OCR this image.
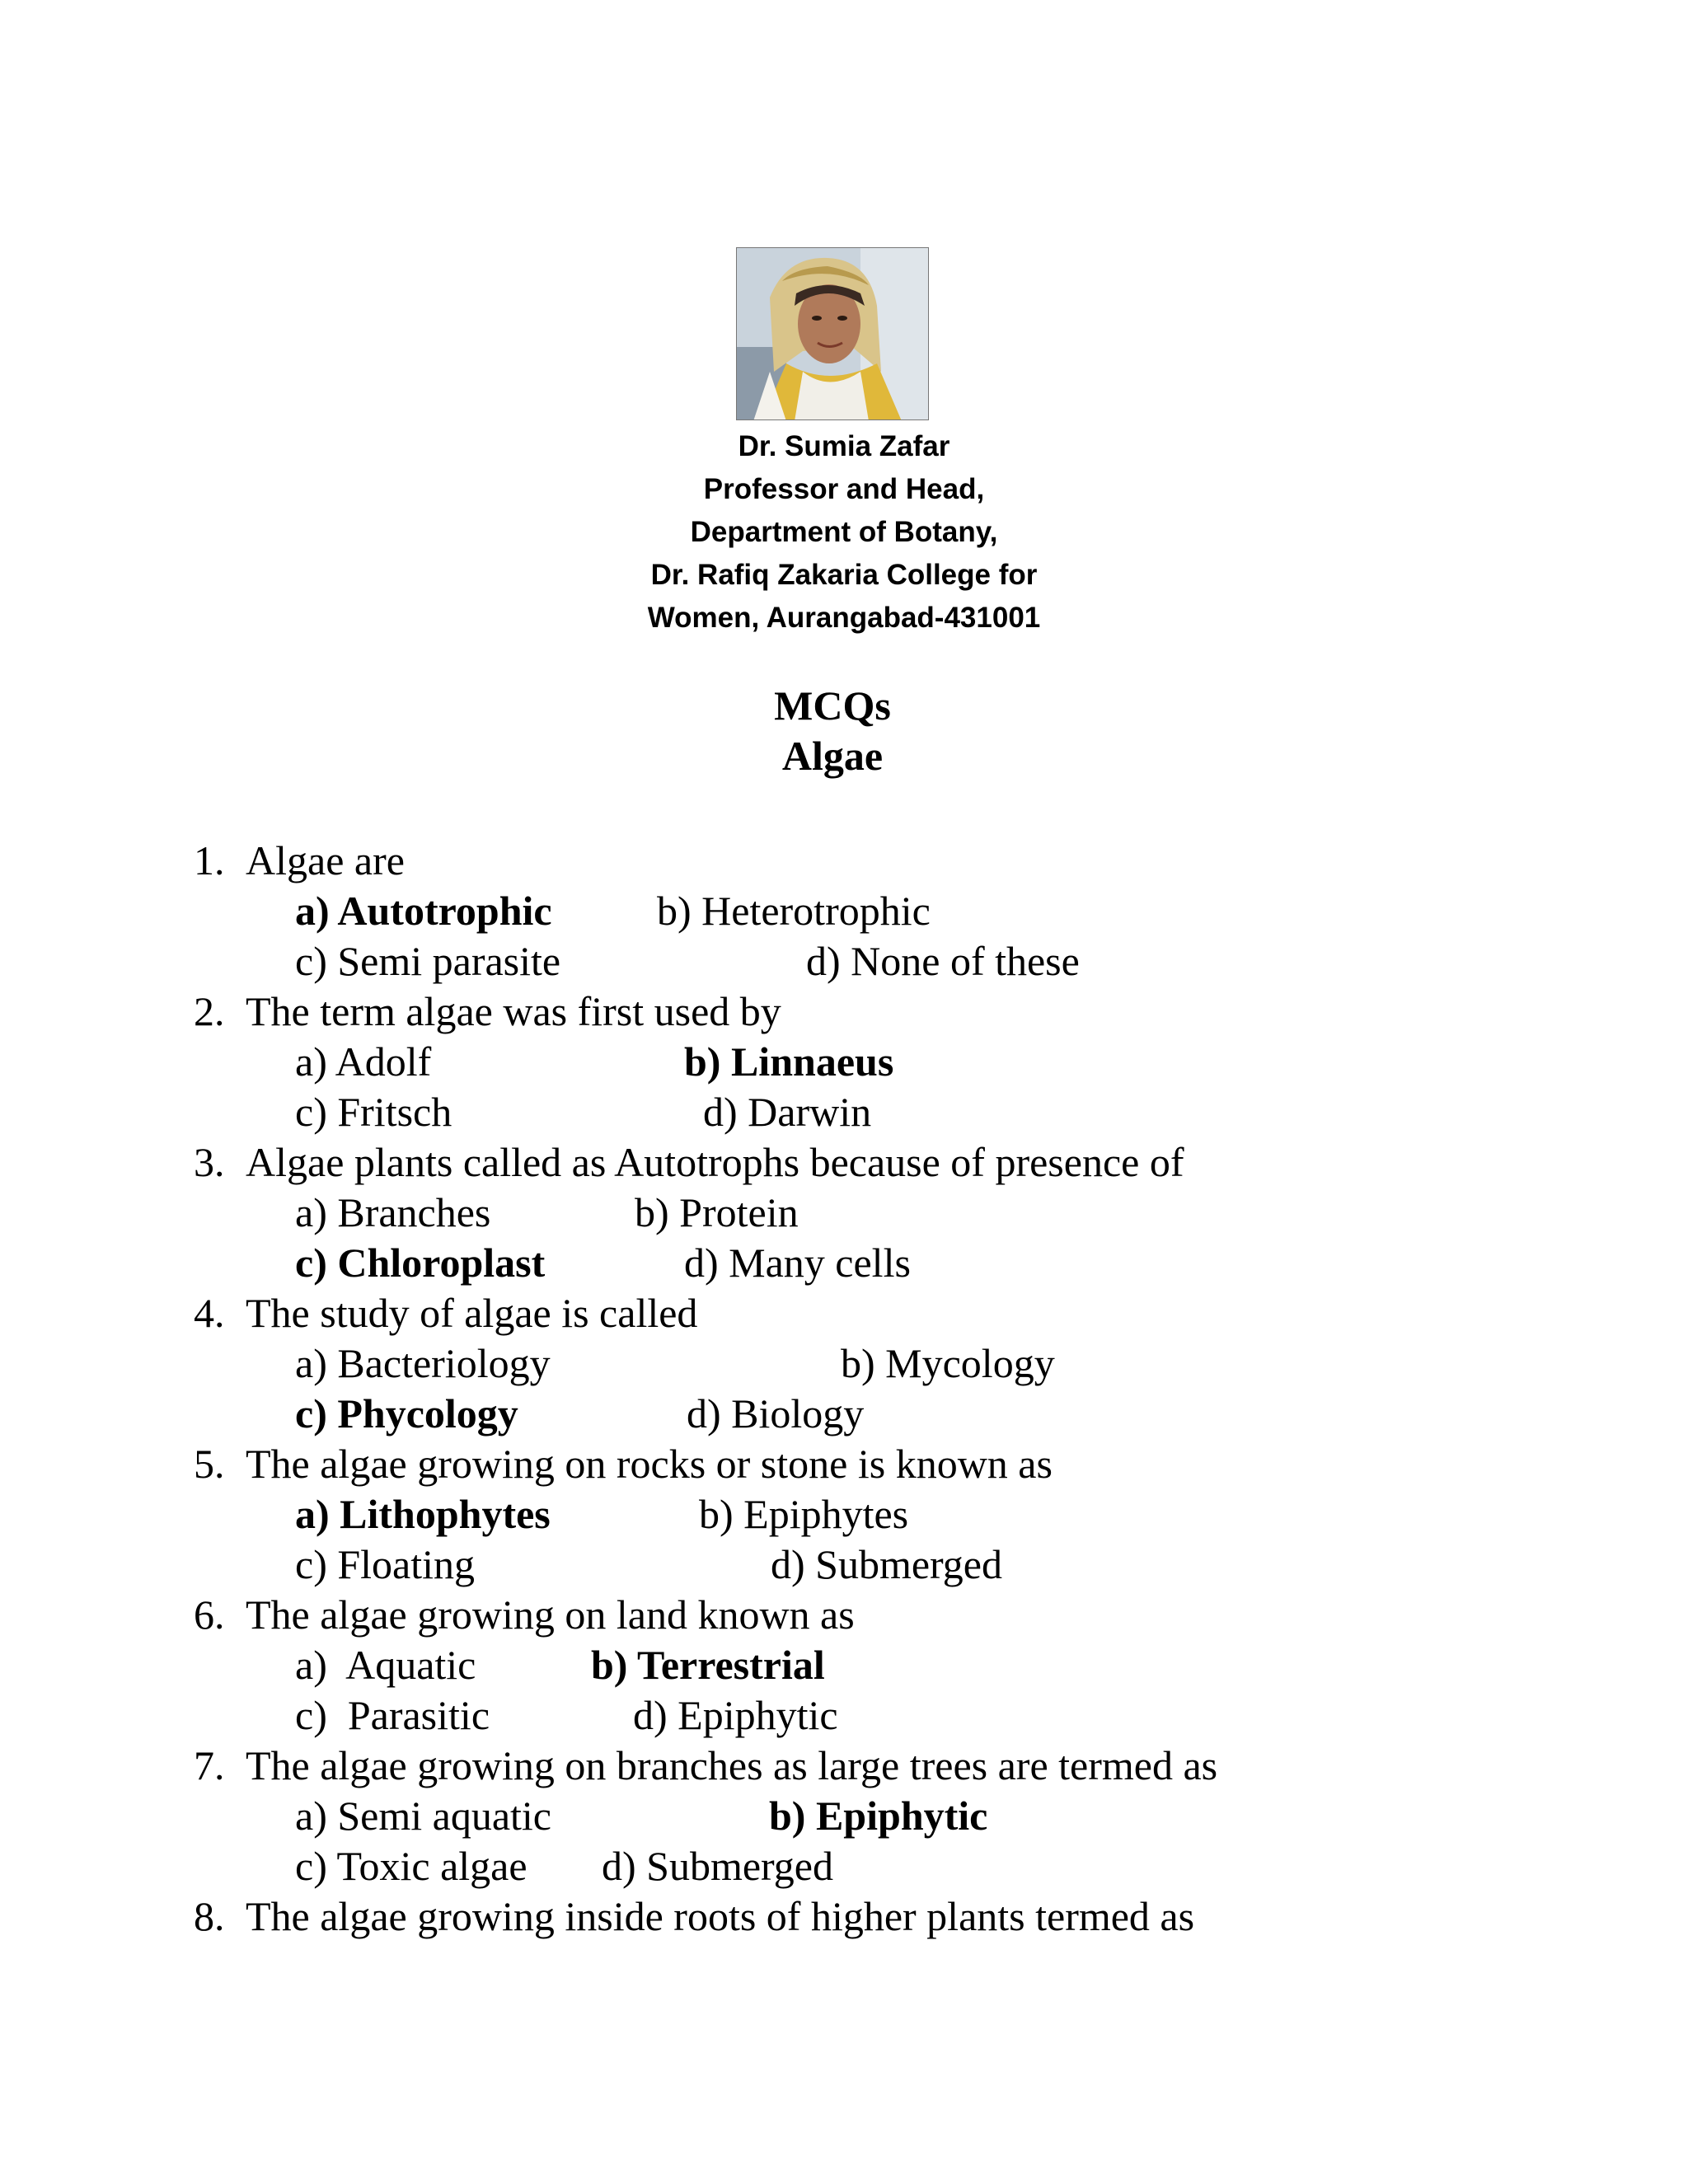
Dr. Sumia Zafar
Professor and Head,
Department of Botany,
Dr. Rafiq Zakaria College for
Women, Aurangabad-431001
MCQs
Algae
1. Algae are
a) Autotrophic	b) Heterotrophic
c) Semi parasite	d) None of these
2. The term algae was first used by
a) Adolf	b) Linnaeus
c) Fritsch	d) Darwin
3. Algae plants called as Autotrophs because of presence of
a) Branches	b) Protein
c) Chloroplast	d) Many cells
4. The study of algae is called
a) Bacteriology	b) Mycology
c) Phycology	d) Biology
5. The algae growing on rocks or stone is known as
a) Lithophytes	b) Epiphytes
c) Floating	d) Submerged
6. The algae growing on land known as
a)  Aquatic	b) Terrestrial
c)  Parasitic	d) Epiphytic
7. The algae growing on branches as large trees are termed as
a) Semi aquatic	b) Epiphytic
c) Toxic algae d) Submerged
8. The algae growing inside roots of higher plants termed as
